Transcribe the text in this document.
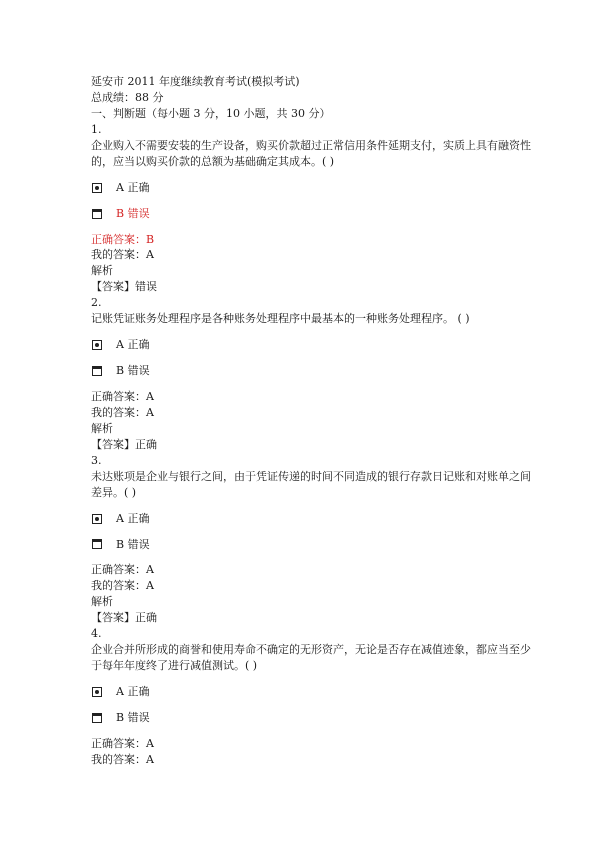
延安市 2011 年度继续教育考试(模拟考试)

总成绩：88 分

一、判断题（每小题 3 分，10 小题，共 30 分）

1.

企业购入不需要安装的生产设备，购买价款超过正常信用条件延期支付，实质上具有融资性

的，应当以购买价款的总额为基础确定其成本。( )

A 正确
B 错误

正确答案：B

我的答案：A

解析

【答案】错误

2.

记账凭证账务处理程序是各种账务处理程序中最基本的一种账务处理程序。 ( )

A 正确
B 错误

正确答案：A

我的答案：A

解析

【答案】正确

3.

未达账项是企业与银行之间，由于凭证传递的时间不同造成的银行存款日记账和对账单之间

差异。( )

A 正确
B 错误

正确答案：A

我的答案：A

解析

【答案】正确

4.

企业合并所形成的商誉和使用寿命不确定的无形资产，无论是否存在减值迹象，都应当至少

于每年年度终了进行减值测试。( )

A 正确
B 错误

正确答案：A

我的答案：A
